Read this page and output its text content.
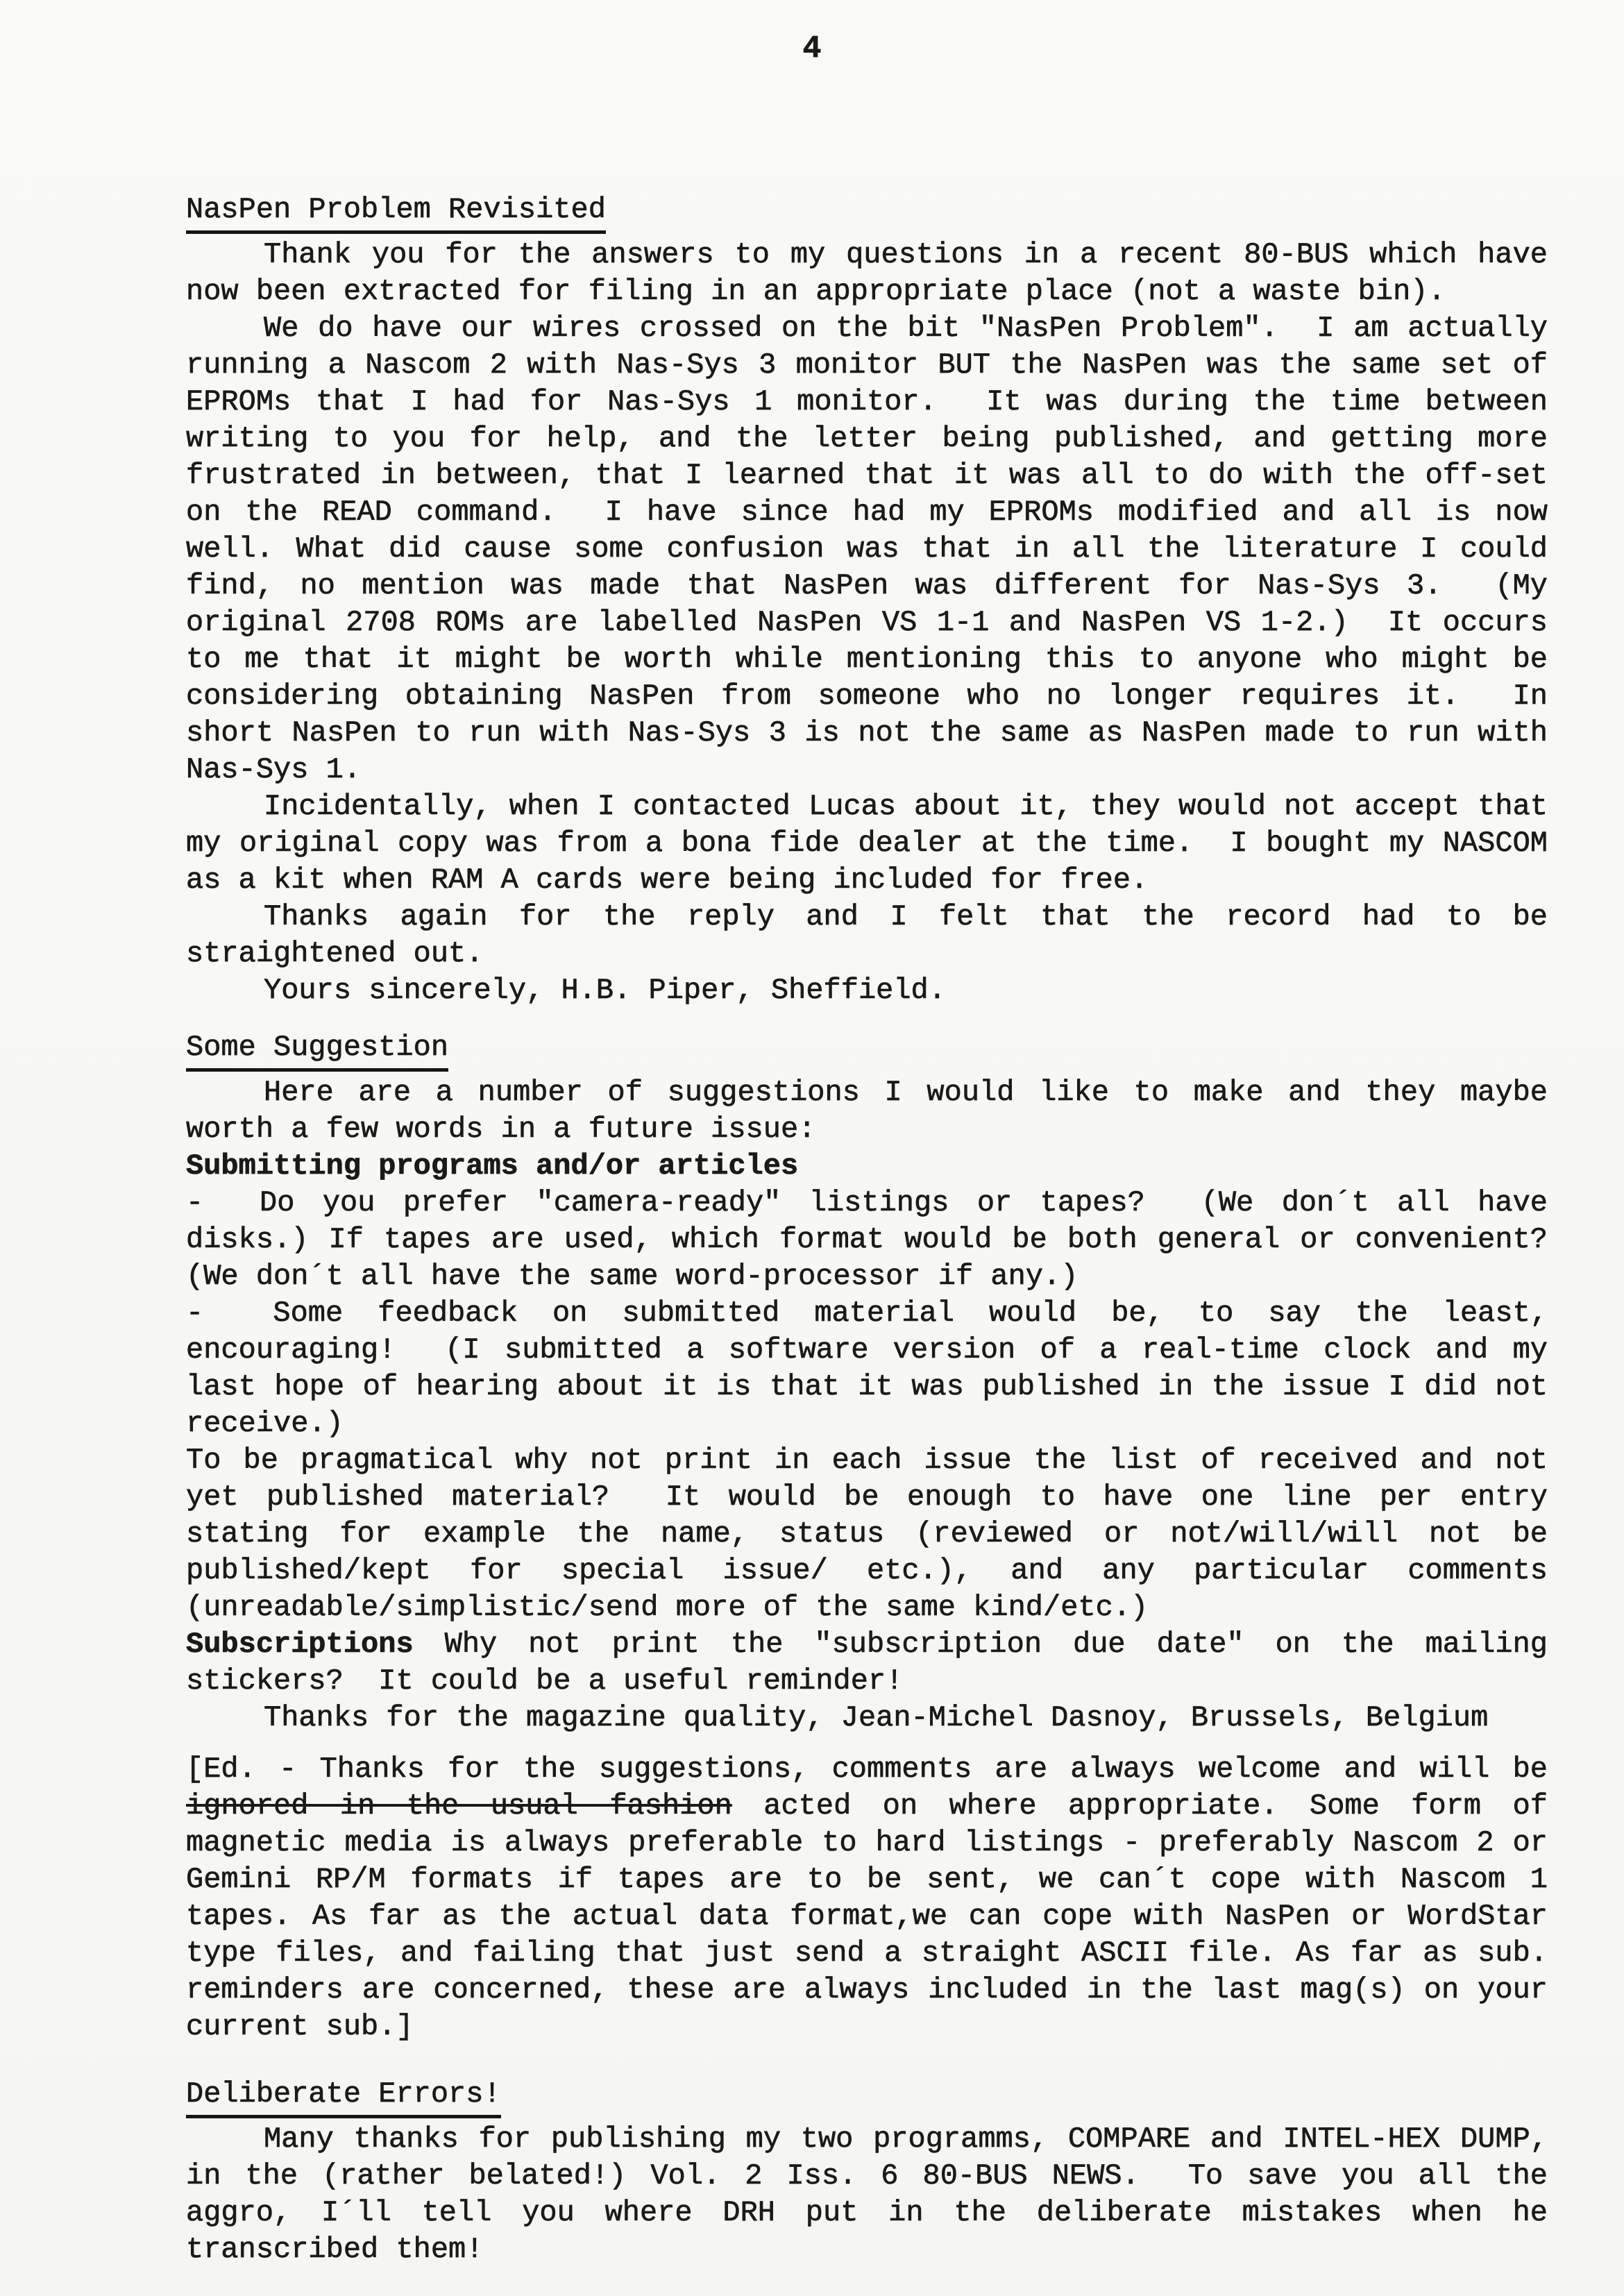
4
NasPen Problem Revisited

Thank you for the answers to my questions in a recent 80-BUS which have now been extracted for filing in an appropriate place (not a waste bin).

We do have our wires crossed on the bit "NasPen Problem".  I am actually running a Nascom 2 with Nas-Sys 3 monitor BUT the NasPen was the same set of EPROMs that I had for Nas-Sys 1 monitor.  It was during the time between writing to you for help, and the letter being published, and getting more frustrated in between, that I learned that it was all to do with the off-set on the READ command.  I have since had my EPROMs modified and all is now well. What did cause some confusion was that in all the literature I could find, no mention was made that NasPen was different for Nas-Sys 3.  (My original 2708 ROMs are labelled NasPen VS 1-1 and NasPen VS 1-2.)  It occurs to me that it might be worth while mentioning this to anyone who might be considering obtaining NasPen from someone who no longer requires it.  In short NasPen to run with Nas-Sys 3 is not the same as NasPen made to run with Nas-Sys 1.

Incidentally, when I contacted Lucas about it, they would not accept that my original copy was from a bona fide dealer at the time.  I bought my NASCOM as a kit when RAM A cards were being included for free.

Thanks again for the reply and I felt that the record had to be straightened out.

Yours sincerely, H.B. Piper, Sheffield.

Some Suggestion

Here are a number of suggestions I would like to make and they maybe worth a few words in a future issue:

Submitting programs and/or articles

-  Do you prefer "camera-ready" listings or tapes?  (We don´t all have disks.) If tapes are used, which format would be both general or convenient? (We don´t all have the same word-processor if any.)

-  Some feedback on submitted material would be, to say the least, encouraging!  (I submitted a software version of a real-time clock and my last hope of hearing about it is that it was published in the issue I did not receive.)

To be pragmatical why not print in each issue the list of received and not yet published material?  It would be enough to have one line per entry stating for example the name, status (reviewed or not/will/will not be published/kept for special issue/ etc.), and any particular comments (unreadable/simplistic/send more of the same kind/etc.)

Subscriptions Why not print the "subscription due date" on the mailing stickers?  It could be a useful reminder!

Thanks for the magazine quality, Jean-Michel Dasnoy, Brussels, Belgium

[Ed. - Thanks for the suggestions, comments are always welcome and will be ignored in the usual fashion acted on where appropriate. Some form of magnetic media is always preferable to hard listings - preferably Nascom 2 or Gemini RP/M formats if tapes are to be sent, we can´t cope with Nascom 1 tapes. As far as the actual data format,we can cope with NasPen or WordStar type files, and failing that just send a straight ASCII file. As far as sub. reminders are concerned, these are always included in the last mag(s) on your current sub.]

Deliberate Errors!

Many thanks for publishing my two programms, COMPARE and INTEL-HEX DUMP, in the (rather belated!) Vol. 2 Iss. 6 80-BUS NEWS.  To save you all the aggro, I´ll tell you where DRH put in the deliberate mistakes when he transcribed them!
